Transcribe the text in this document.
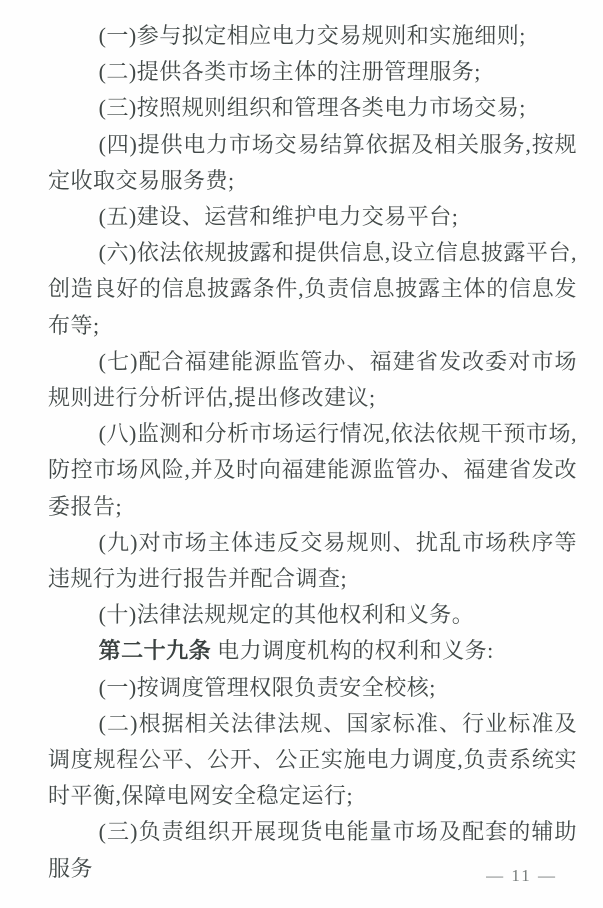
(一)参与拟定相应电力交易规则和实施细则;

(二)提供各类市场主体的注册管理服务;

(三)按照规则组织和管理各类电力市场交易;

(四)提供电力市场交易结算依据及相关服务,按规定收取交易服务费;

(五)建设、运营和维护电力交易平台;

(六)依法依规披露和提供信息,设立信息披露平台,创造良好的信息披露条件,负责信息披露主体的信息发布等;

(七)配合福建能源监管办、福建省发改委对市场规则进行分析评估,提出修改建议;

(八)监测和分析市场运行情况,依法依规干预市场,防控市场风险,并及时向福建能源监管办、福建省发改委报告;

(九)对市场主体违反交易规则、扰乱市场秩序等违规行为进行报告并配合调查;

(十)法律法规规定的其他权利和义务。

第二十九条 电力调度机构的权利和义务:

(一)按调度管理权限负责安全校核;

(二)根据相关法律法规、国家标准、行业标准及调度规程公平、公开、公正实施电力调度,负责系统实时平衡,保障电网安全稳定运行;

(三)负责组织开展现货电能量市场及配套的辅助服务	— 11 —
